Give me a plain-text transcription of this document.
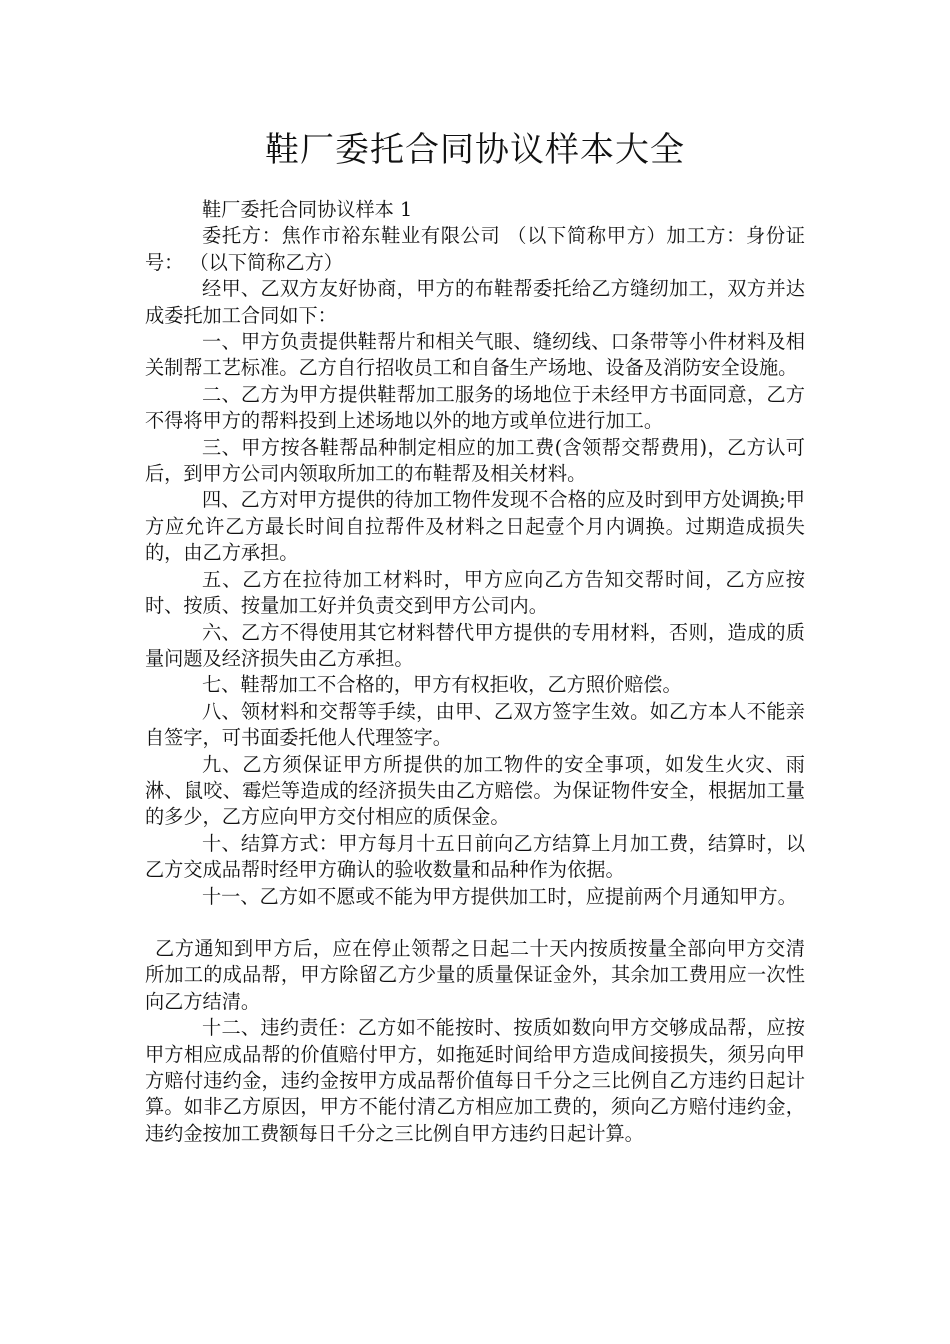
鞋厂委托合同协议样本大全

鞋厂委托合同协议样本 1

委托方：焦作市裕东鞋业有限公司 （以下简称甲方）加工方：身份证号： （以下简称乙方）

经甲、乙双方友好协商，甲方的布鞋帮委托给乙方缝纫加工，双方并达成委托加工合同如下：

一、甲方负责提供鞋帮片和相关气眼、缝纫线、口条带等小件材料及相关制帮工艺标准。乙方自行招收员工和自备生产场地、设备及消防安全设施。

二、乙方为甲方提供鞋帮加工服务的场地位于未经甲方书面同意，乙方不得将甲方的帮料投到上述场地以外的地方或单位进行加工。

三、甲方按各鞋帮品种制定相应的加工费(含领帮交帮费用)，乙方认可后，到甲方公司内领取所加工的布鞋帮及相关材料。

四、乙方对甲方提供的待加工物件发现不合格的应及时到甲方处调换;甲方应允许乙方最长时间自拉帮件及材料之日起壹个月内调换。过期造成损失的，由乙方承担。

五、乙方在拉待加工材料时，甲方应向乙方告知交帮时间，乙方应按时、按质、按量加工好并负责交到甲方公司内。

六、乙方不得使用其它材料替代甲方提供的专用材料，否则，造成的质量问题及经济损失由乙方承担。

七、鞋帮加工不合格的，甲方有权拒收，乙方照价赔偿。

八、领材料和交帮等手续，由甲、乙双方签字生效。如乙方本人不能亲自签字，可书面委托他人代理签字。

九、乙方须保证甲方所提供的加工物件的安全事项，如发生火灾、雨淋、鼠咬、霉烂等造成的经济损失由乙方赔偿。为保证物件安全，根据加工量的多少，乙方应向甲方交付相应的质保金。

十、结算方式：甲方每月十五日前向乙方结算上月加工费，结算时，以乙方交成品帮时经甲方确认的验收数量和品种作为依据。

十一、乙方如不愿或不能为甲方提供加工时，应提前两个月通知甲方。

乙方通知到甲方后，应在停止领帮之日起二十天内按质按量全部向甲方交清所加工的成品帮，甲方除留乙方少量的质量保证金外，其余加工费用应一次性向乙方结清。

十二、违约责任：乙方如不能按时、按质如数向甲方交够成品帮，应按甲方相应成品帮的价值赔付甲方，如拖延时间给甲方造成间接损失，须另向甲方赔付违约金，违约金按甲方成品帮价值每日千分之三比例自乙方违约日起计算。如非乙方原因，甲方不能付清乙方相应加工费的，须向乙方赔付违约金，违约金按加工费额每日千分之三比例自甲方违约日起计算。
